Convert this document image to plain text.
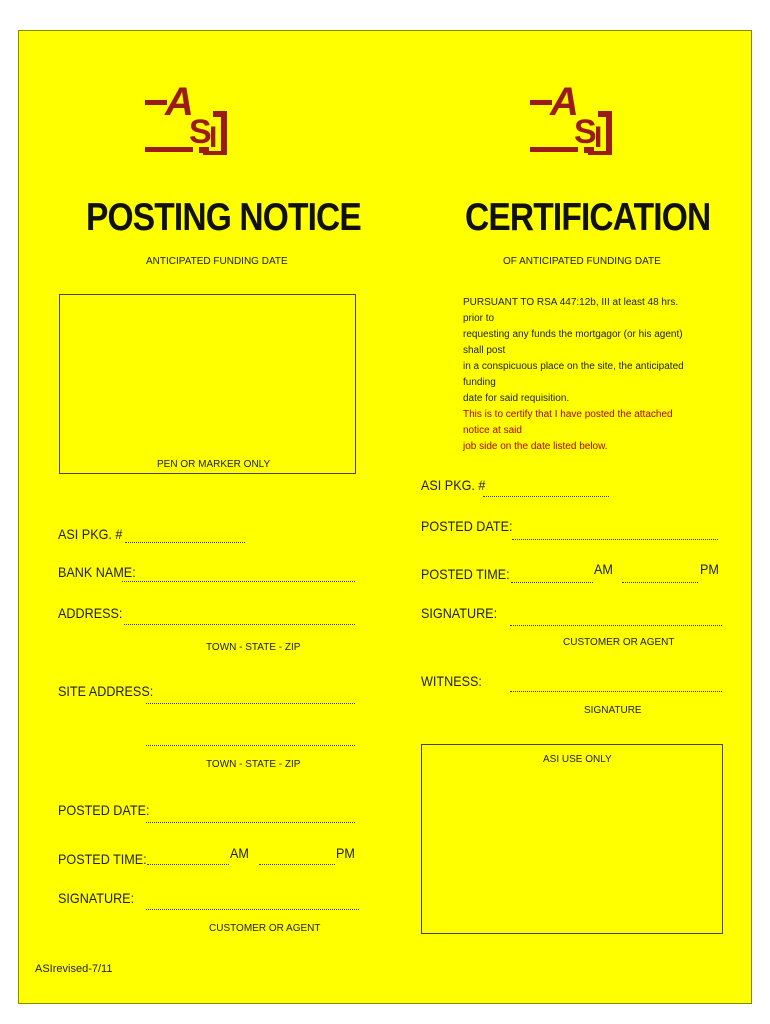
A
S
I
A
S
I
POSTING NOTICE	CERTIFICATION
ANTICIPATED FUNDING DATE	OF ANTICIPATED FUNDING DATE
PEN OR MARKER ONLY
PURSUANT TO RSA 447:12b, III at least 48 hrs. prior to
requesting any funds the mortgagor (or his agent) shall post
in a conspicuous place on the site, the anticipated funding
date for said requisition.
This is to certify that I have posted the attached notice at said
job side on the date listed below.
ASI PKG. #
BANK NAME:
ADDRESS:
TOWN - STATE - ZIP
SITE ADDRESS:
TOWN - STATE - ZIP
POSTED DATE:
POSTED TIME:	AM	PM
SIGNATURE:
CUSTOMER OR AGENT
ASIrevised-7/11
ASI PKG. #
POSTED DATE:
POSTED TIME:	AM	PM
SIGNATURE:
CUSTOMER OR AGENT
WITNESS:
SIGNATURE
ASI USE ONLY
